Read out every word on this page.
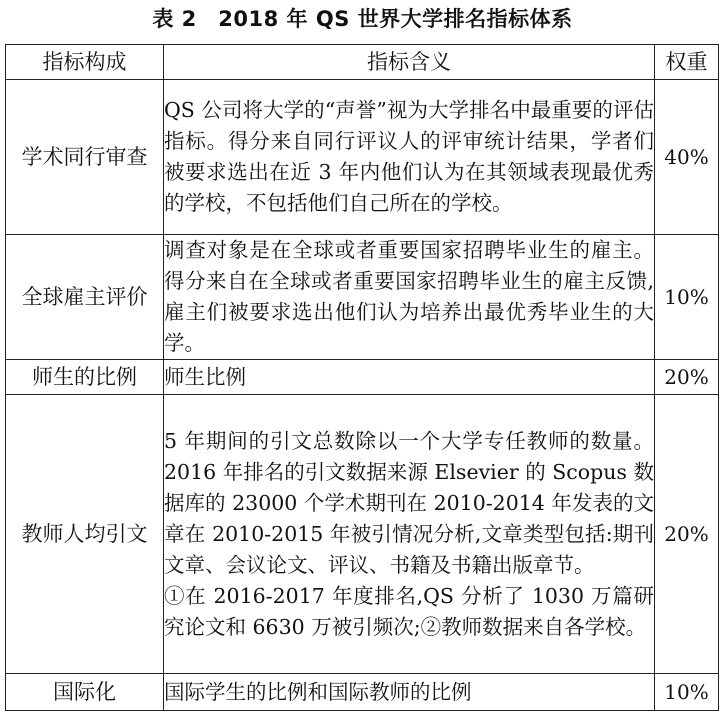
表 2　2018 年 QS 世界大学排名指标体系
指标构成	指标含义	权重
学术同行审查	QS 公司将大学的“声誉”视为大学排名中最重要的评估指标。得分来自同行评议人的评审统计结果，学者们被要求选出在近 3 年内他们认为在其领域表现最优秀的学校，不包括他们自己所在的学校。	40%
全球雇主评价	调查对象是在全球或者重要国家招聘毕业生的雇主。得分来自在全球或者重要国家招聘毕业生的雇主反馈,雇主们被要求选出他们认为培养出最优秀毕业生的大学。	10%
师生的比例	师生比例	20%
教师人均引文	5 年期间的引文总数除以一个大学专任教师的数量。2016 年排名的引文数据来源 Elsevier 的 Scopus 数据库的 23000 个学术期刊在 2010-2014 年发表的文章在 2010-2015 年被引情况分析,文章类型包括:期刊文章、会议论文、评议、书籍及书籍出版章节。

①在 2016-2017 年度排名,QS 分析了 1030 万篇研究论文和 6630 万被引频次;②教师数据来自各学校。	20%
国际化	国际学生的比例和国际教师的比例	10%
